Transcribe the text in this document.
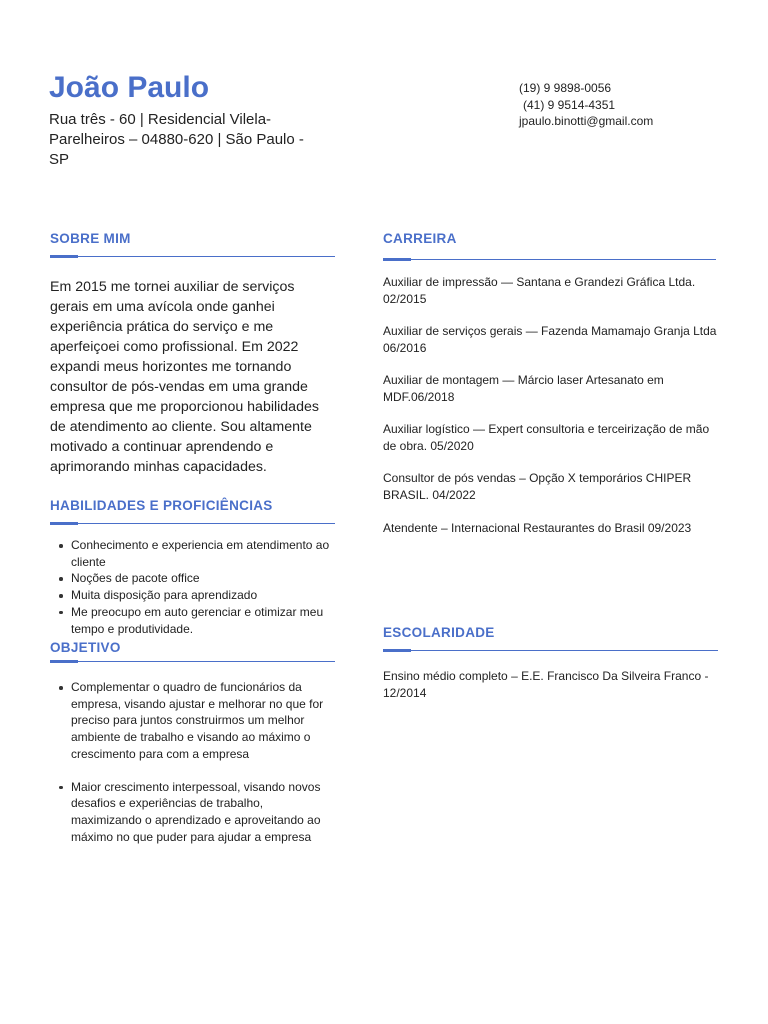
João Paulo

Rua três - 60 | Residencial Vilela- Parelheiros – 04880-620 | São Paulo - SP

(19) 9 9898-0056
(41) 9 9514-4351
jpaulo.binotti@gmail.com
SOBRE MIM

Em 2015 me tornei auxiliar de serviços gerais em uma avícola onde ganhei experiência prática do serviço e me aperfeiçoei como profissional. Em 2022 expandi meus horizontes me tornando consultor de pós-vendas em uma grande empresa que me proporcionou habilidades de atendimento ao cliente. Sou altamente motivado a continuar aprendendo e aprimorando minhas capacidades.

HABILIDADES E PROFICIÊNCIAS
Conhecimento e experiencia em atendimento ao cliente
Noções de pacote office
Muita disposição para aprendizado
Me preocupo em auto gerenciar e otimizar meu tempo e produtividade.
OBJETIVO
Complementar o quadro de funcionários da empresa, visando ajustar e melhorar no que for preciso para juntos construirmos um melhor ambiente de trabalho e visando ao máximo o crescimento para com a empresa
Maior crescimento interpessoal, visando novos desafios e experiências de trabalho, maximizando o aprendizado e aproveitando ao máximo no que puder para ajudar a empresa
CARREIRA

Auxiliar de impressão — Santana e Grandezi Gráfica Ltda. 02/2015

Auxiliar de serviços gerais — Fazenda Mamamajo Granja Ltda 06/2016

Auxiliar de montagem — Márcio laser Artesanato em MDF.06/2018

Auxiliar logístico — Expert consultoria e terceirização de mão de obra. 05/2020

Consultor de pós vendas – Opção X temporários CHIPER BRASIL. 04/2022

Atendente – Internacional Restaurantes do Brasil 09/2023

ESCOLARIDADE

Ensino médio completo – E.E. Francisco Da Silveira Franco - 12/2014
